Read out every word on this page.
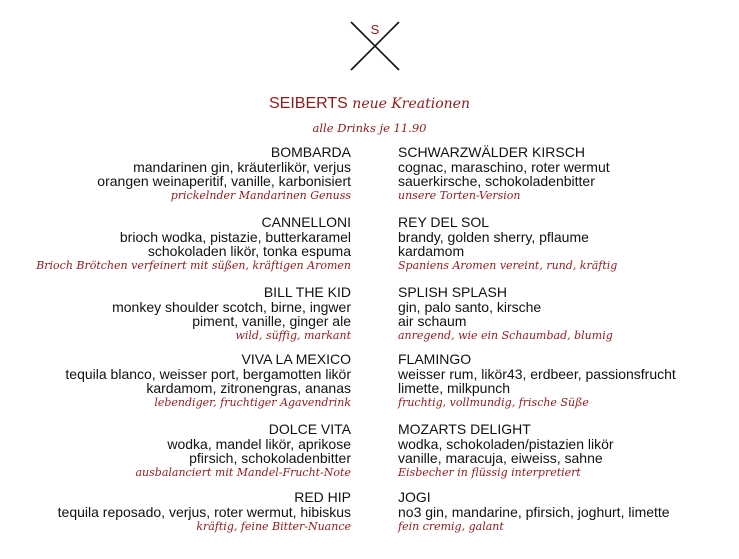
S
SEIBERTS neue Kreationen
alle Drinks je 11.90
BOMBARDA
mandarinen gin, kräuterlikör, verjus
orangen weinaperitif, vanille, karbonisiert
prickelnder Mandarinen Genuss
CANNELLONI
brioch wodka, pistazie, butterkaramel
schokoladen likör, tonka espuma
Brioch Brötchen verfeinert mit süßen, kräftigen Aromen
BILL THE KID
monkey shoulder scotch, birne, ingwer
piment, vanille, ginger ale
wild, süffig, markant
VIVA LA MEXICO
tequila blanco, weisser port, bergamotten likör
kardamom, zitronengras, ananas
lebendiger, fruchtiger Agavendrink
DOLCE VITA
wodka, mandel likör, aprikose
pfirsich, schokoladenbitter
ausbalanciert mit Mandel-Frucht-Note
RED HIP
tequila reposado, verjus, roter wermut, hibiskus
kräftig, feine Bitter-Nuance
SCHWARZWÄLDER KIRSCH
cognac, maraschino, roter wermut
sauerkirsche, schokoladenbitter
unsere Torten-Version
REY DEL SOL
brandy, golden sherry, pflaume
kardamom
Spaniens Aromen vereint, rund, kräftig
SPLISH SPLASH
gin, palo santo, kirsche
air schaum
anregend, wie ein Schaumbad, blumig
FLAMINGO
weisser rum, likör43, erdbeer, passionsfrucht
limette, milkpunch
fruchtig, vollmundig, frische Süße
MOZARTS DELIGHT
wodka, schokoladen/pistazien likör
vanille, maracuja, eiweiss, sahne
Eisbecher in flüssig interpretiert
JOGI
no3 gin, mandarine, pfirsich, joghurt, limette
fein cremig, galant
